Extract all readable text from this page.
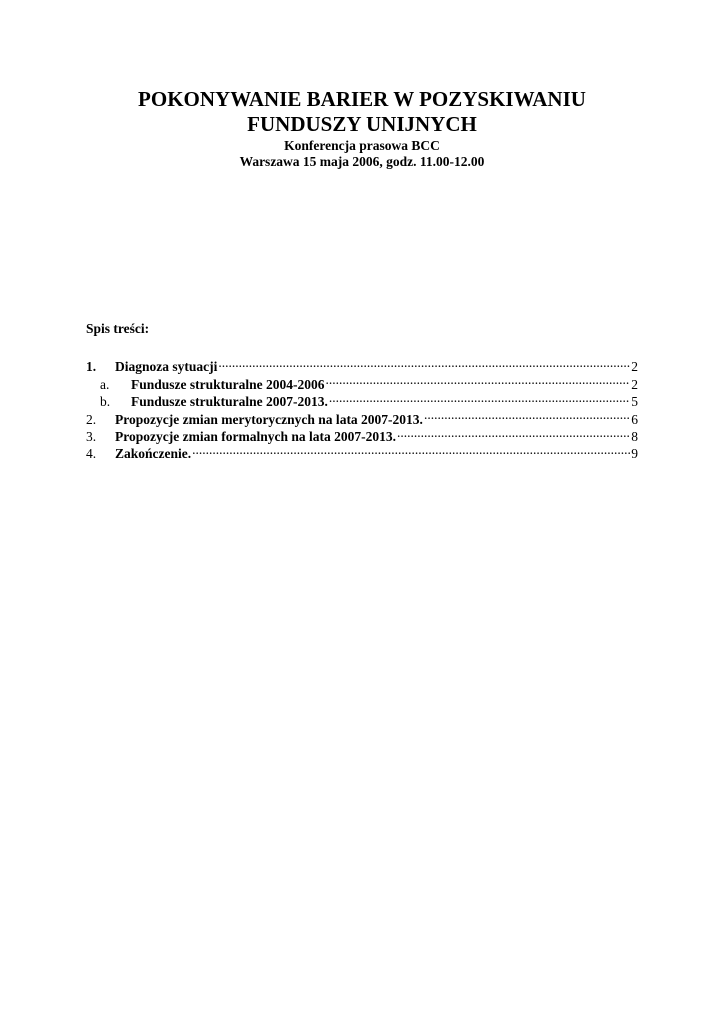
POKONYWANIE BARIER W POZYSKIWANIU
FUNDUSZY UNIJNYCH
Konferencja prasowa BCC
Warszawa 15 maja 2006, godz. 11.00-12.00
Spis treści:
1.	Diagnoza sytuacji .....	2
a.	Fundusze strukturalne 2004-2006 .....	2
b.	Fundusze strukturalne 2007-2013. .....	5
2.	Propozycje zmian merytorycznych na lata 2007-2013. .....	6
3.	Propozycje zmian formalnych na lata 2007-2013. .....	8
4.	Zakończenie. .....	9
